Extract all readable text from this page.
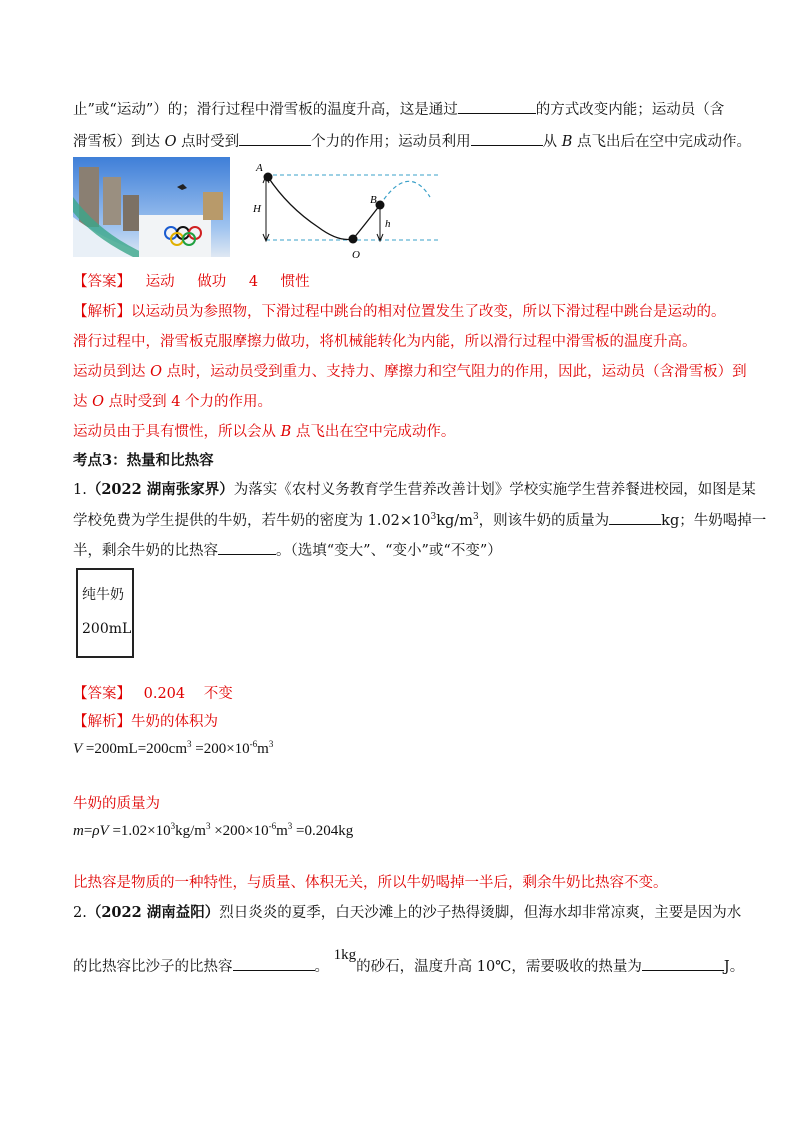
止”或“运动”）的；滑行过程中滑雪板的温度升高，这是通过	的方式改变内能；运动员（含
滑雪板）到达 O 点时受到	个力的作用；运动员利用	从 B 点飞出后在空中完成动作。
A
H
B
h
O
【答案】 运动 做功 4 惯性
【解析】以运动员为参照物，下滑过程中跳台的相对位置发生了改变，所以下滑过程中跳台是运动的。
滑行过程中，滑雪板克服摩擦力做功，将机械能转化为内能，所以滑行过程中滑雪板的温度升高。
运动员到达 O 点时，运动员受到重力、支持力、摩擦力和空气阻力的作用，因此，运动员（含滑雪板）到
达 O 点时受到 4 个力的作用。
运动员由于具有惯性，所以会从 B 点飞出在空中完成动作。
考点3：热量和比热容
1.（2022 湖南张家界）为落实《农村义务教育学生营养改善计划》学校实施学生营养餐进校园，如图是某
学校免费为学生提供的牛奶，若牛奶的密度为 $1.02\times 10^3kg/m^3$，则该牛奶的质量为	kg；牛奶喝掉一
半，剩余牛奶的比热容	。（选填“变大”、“变小”或“不变”）
纯牛奶
200mL
【答案】 0.204 不变
【解析】牛奶的体积为
$V =200mL=200cm^3 =200\times 10^{-6}m^3$
牛奶的质量为
$m=\rho V =1.02\times 10^3kg/m^3 \times 200\times 10^{-6}m^3 =0.204kg$
比热容是物质的一种特性，与质量、体积无关，所以牛奶喝掉一半后，剩余牛奶比热容不变。
2.（2022 湖南益阳）烈日炎炎的夏季，白天沙滩上的沙子热得烫脚，但海水却非常凉爽，主要是因为水
的比热容比沙子的比热容	。 1kg的砂石，温度升高 10℃，需要吸收的热量为	J。
